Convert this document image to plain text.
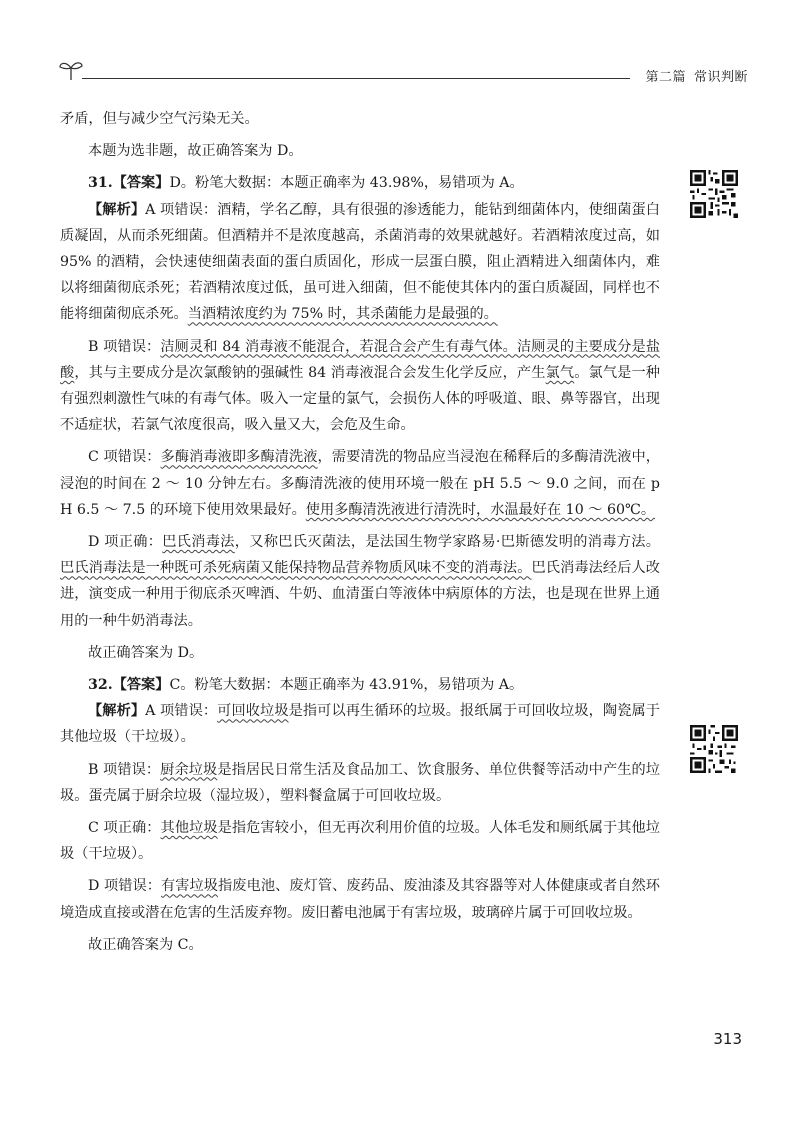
第二篇 常识判断

矛盾，但与减少空气污染无关。

本题为选非题，故正确答案为 D。

31.【答案】D。粉笔大数据：本题正确率为 43.98%，易错项为 A。

【解析】A 项错误：酒精，学名乙醇，具有很强的渗透能力，能钻到细菌体内，使细菌蛋白质凝固，从而杀死细菌。但酒精并不是浓度越高，杀菌消毒的效果就越好。若酒精浓度过高，如 95% 的酒精，会快速使细菌表面的蛋白质固化，形成一层蛋白膜，阻止酒精进入细菌体内，难以将细菌彻底杀死；若酒精浓度过低，虽可进入细菌，但不能使其体内的蛋白质凝固，同样也不能将细菌彻底杀死。当酒精浓度约为 75% 时，其杀菌能力是最强的。

B 项错误：洁厕灵和 84 消毒液不能混合，若混合会产生有毒气体。洁厕灵的主要成分是盐酸，其与主要成分是次氯酸钠的强碱性 84 消毒液混合会发生化学反应，产生氯气。氯气是一种有强烈刺激性气味的有毒气体。吸入一定量的氯气，会损伤人体的呼吸道、眼、鼻等器官，出现不适症状，若氯气浓度很高，吸入量又大，会危及生命。

C 项错误：多酶消毒液即多酶清洗液，需要清洗的物品应当浸泡在稀释后的多酶清洗液中，浸泡的时间在 2 ～ 10 分钟左右。多酶清洗液的使用环境一般在 pH 5.5 ～ 9.0 之间，而在 pH 6.5 ～ 7.5 的环境下使用效果最好。使用多酶清洗液进行清洗时，水温最好在 10 ～ 60℃。

D 项正确：巴氏消毒法，又称巴氏灭菌法，是法国生物学家路易·巴斯德发明的消毒方法。巴氏消毒法是一种既可杀死病菌又能保持物品营养物质风味不变的消毒法。巴氏消毒法经后人改进，演变成一种用于彻底杀灭啤酒、牛奶、血清蛋白等液体中病原体的方法，也是现在世界上通用的一种牛奶消毒法。

故正确答案为 D。

32.【答案】C。粉笔大数据：本题正确率为 43.91%，易错项为 A。

【解析】A 项错误：可回收垃圾是指可以再生循环的垃圾。报纸属于可回收垃圾，陶瓷属于其他垃圾（干垃圾）。

B 项错误：厨余垃圾是指居民日常生活及食品加工、饮食服务、单位供餐等活动中产生的垃圾。蛋壳属于厨余垃圾（湿垃圾），塑料餐盒属于可回收垃圾。

C 项正确：其他垃圾是指危害较小，但无再次利用价值的垃圾。人体毛发和厕纸属于其他垃圾（干垃圾）。

D 项错误：有害垃圾指废电池、废灯管、废药品、废油漆及其容器等对人体健康或者自然环境造成直接或潜在危害的生活废弃物。废旧蓄电池属于有害垃圾，玻璃碎片属于可回收垃圾。

故正确答案为 C。

313
